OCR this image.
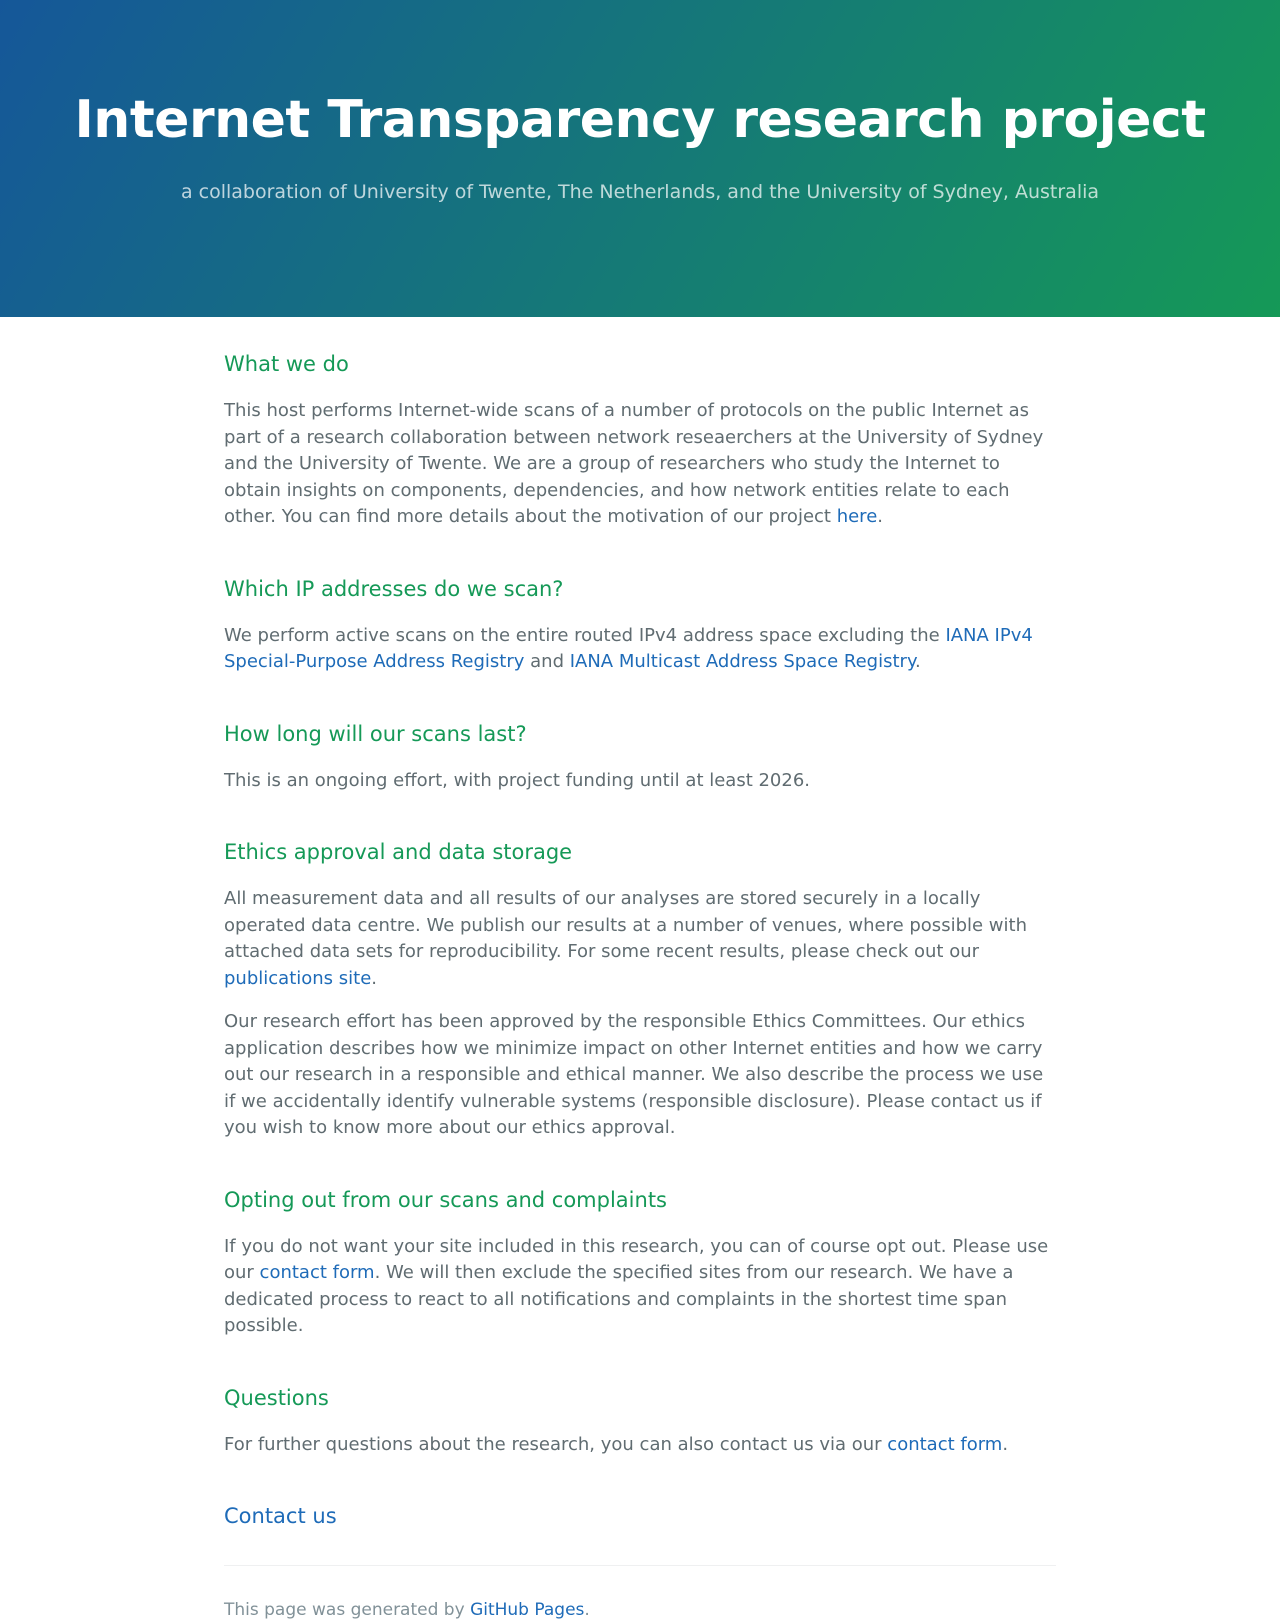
Internet Transparency research project
a collaboration of University of Twente, The Netherlands, and the University of Sydney, Australia
What we do

This host performs Internet-wide scans of a number of protocols on the public Internet as part of a research collaboration between network reseaerchers at the University of Sydney and the University of Twente. We are a group of researchers who study the Internet to obtain insights on components, dependencies, and how network entities relate to each other. You can find more details about the motivation of our project here.

Which IP addresses do we scan?

We perform active scans on the entire routed IPv4 address space excluding the IANA IPv4 Special-Purpose Address Registry and IANA Multicast Address Space Registry.

How long will our scans last?

This is an ongoing effort, with project funding until at least 2026.

Ethics approval and data storage

All measurement data and all results of our analyses are stored securely in a locally operated data centre. We publish our results at a number of venues, where possible with attached data sets for reproducibility. For some recent results, please check out our publications site.

Our research effort has been approved by the responsible Ethics Committees. Our ethics application describes how we minimize impact on other Internet entities and how we carry out our research in a responsible and ethical manner. We also describe the process we use if we accidentally identify vulnerable systems (responsible disclosure). Please contact us if you wish to know more about our ethics approval.

Opting out from our scans and complaints

If you do not want your site included in this research, you can of course opt out. Please use our contact form. We will then exclude the specified sites from our research. We have a dedicated process to react to all notifications and complaints in the shortest time span possible.

Questions

For further questions about the research, you can also contact us via our contact form.

Contact us
This page was generated by GitHub Pages.
